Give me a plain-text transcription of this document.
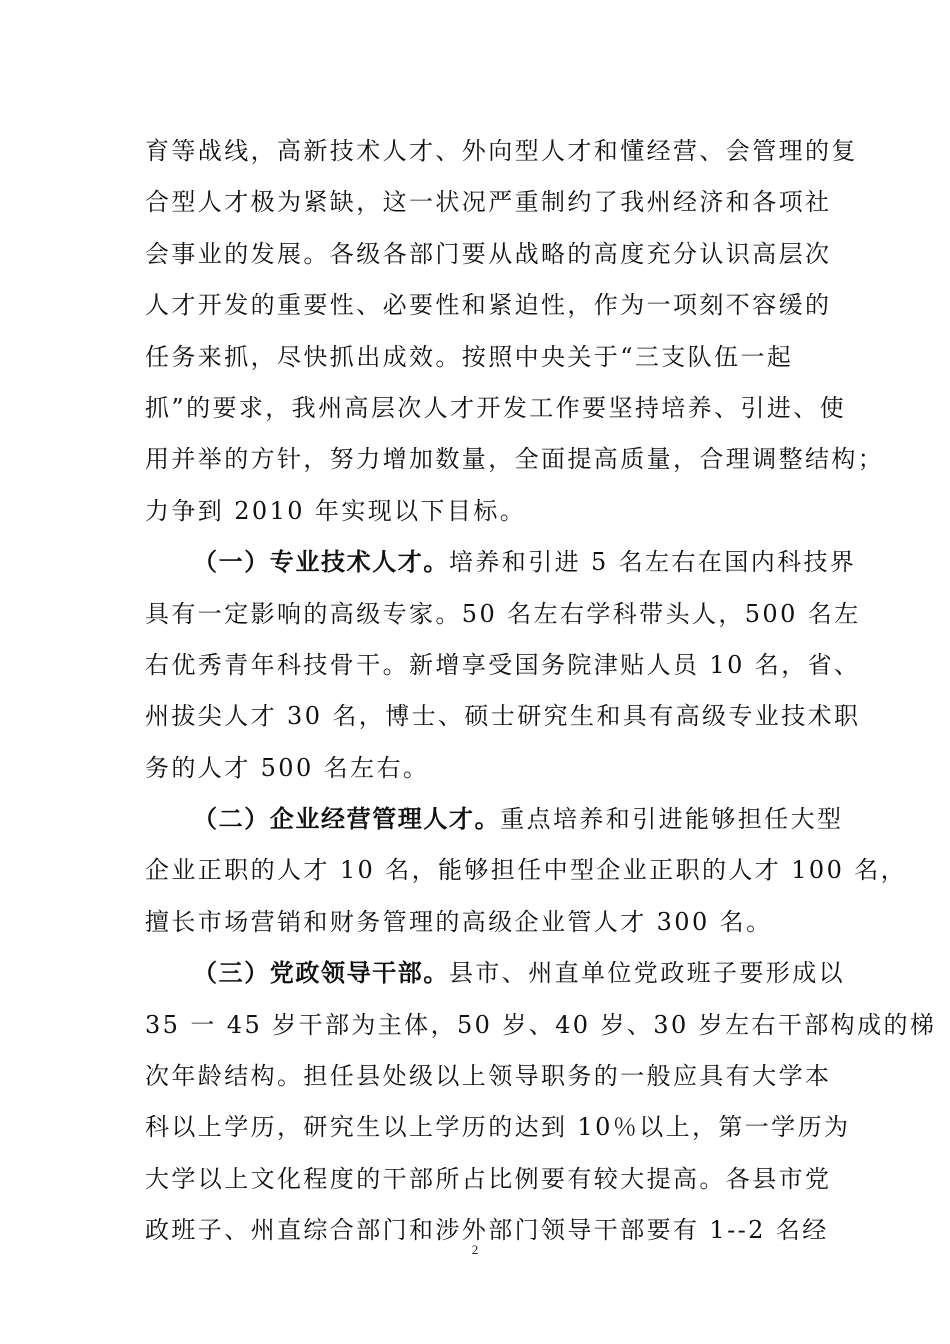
育等战线，高新技术人才、外向型人才和懂经营、会管理的复
合型人才极为紧缺，这一状况严重制约了我州经济和各项社
会事业的发展。各级各部门要从战略的高度充分认识高层次
人才开发的重要性、必要性和紧迫性，作为一项刻不容缓的
任务来抓，尽快抓出成效。按照中央关于“三支队伍一起
抓”的要求，我州高层次人才开发工作要坚持培养、引进、使
用并举的方针，努力增加数量，全面提高质量，合理调整结构；
力争到 2010 年实现以下目标。
（一）专业技术人才。培养和引进 5 名左右在国内科技界
具有一定影响的高级专家。50 名左右学科带头人，500 名左
右优秀青年科技骨干。新增享受国务院津贴人员 10 名，省、
州拔尖人才 30 名，博士、硕士研究生和具有高级专业技术职
务的人才 500 名左右。
（二）企业经营管理人才。重点培养和引进能够担任大型
企业正职的人才 10 名，能够担任中型企业正职的人才 100 名，
擅长市场营销和财务管理的高级企业管人才 300 名。
（三）党政领导干部。县市、州直单位党政班子要形成以
35 一 45 岁干部为主体，50 岁、40 岁、30 岁左右干部构成的梯
次年龄结构。担任县处级以上领导职务的一般应具有大学本
科以上学历，研究生以上学历的达到 10％以上，第一学历为
大学以上文化程度的干部所占比例要有较大提高。各县市党
政班子、州直综合部门和涉外部门领导干部要有 1--2 名经
2
